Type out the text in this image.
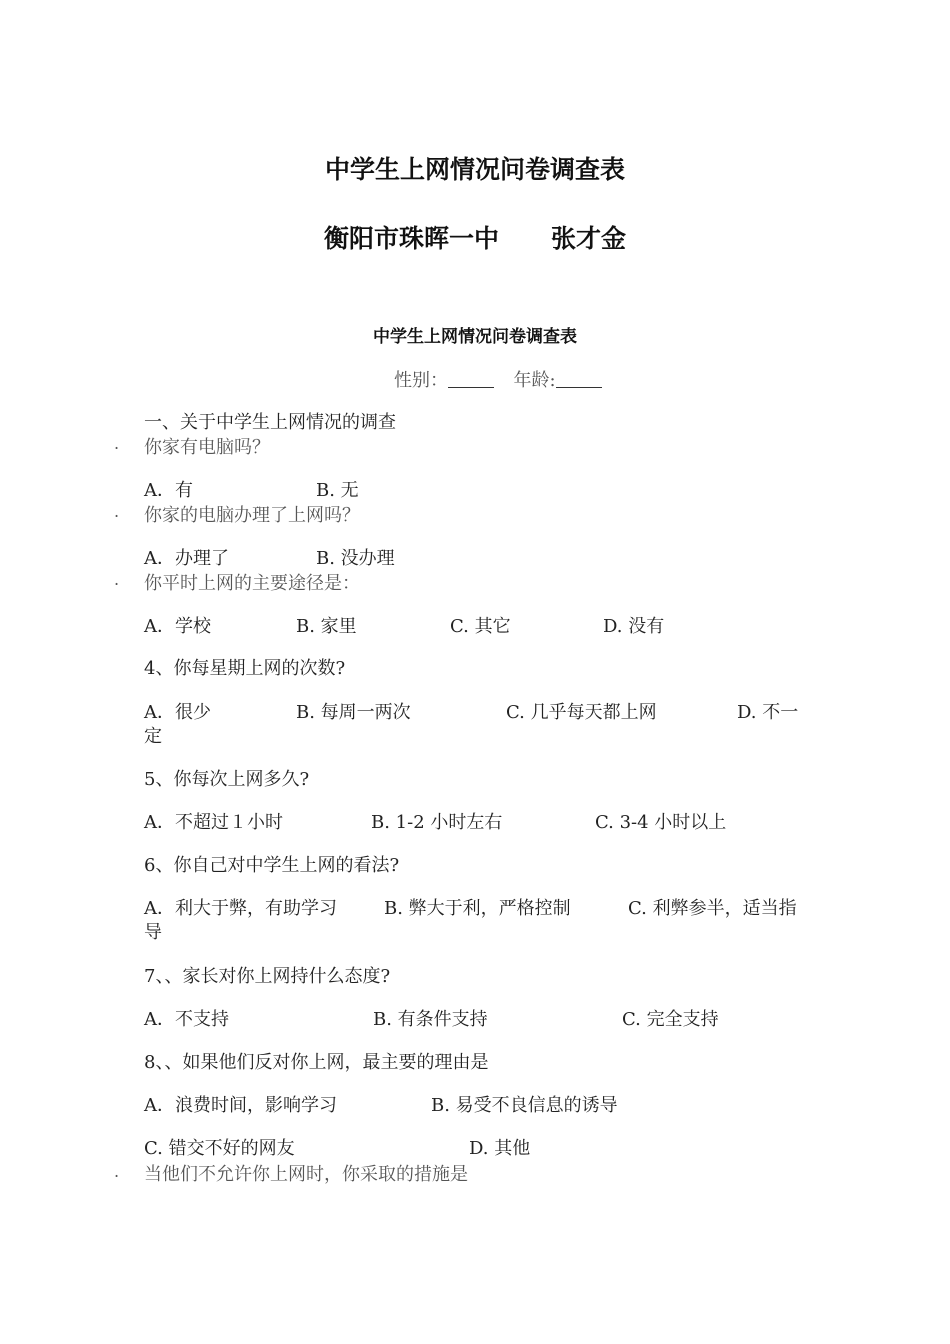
中学生上网情况问卷调查表
衡阳市珠晖一中 张才金
中学生上网情况问卷调查表
性别：	年龄:
一、关于中学生上网情况的调查
. 你家有电脑吗？
A．有	B. 无
. 你家的电脑办理了上网吗？
A．办理了	B. 没办理
. 你平时上网的主要途径是：
A．学校	B. 家里	C. 其它	D. 没有
4、你每星期上网的次数?
A．很少	B. 每周一两次	C. 几乎每天都上网	D. 不一
定
5、你每次上网多久?
A．不超过１小时	B. 1-2 小时左右	C. 3-4 小时以上
6、你自己对中学生上网的看法?
A．利大于弊，有助学习	B. 弊大于利，严格控制	C. 利弊参半，适当指
导
7、、家长对你上网持什么态度?
A．不支持	B. 有条件支持	C. 完全支持
8、、如果他们反对你上网，最主要的理由是
A．浪费时间，影响学习	B. 易受不良信息的诱导
C. 错交不好的网友	D. 其他
. 当他们不允许你上网时，你采取的措施是
